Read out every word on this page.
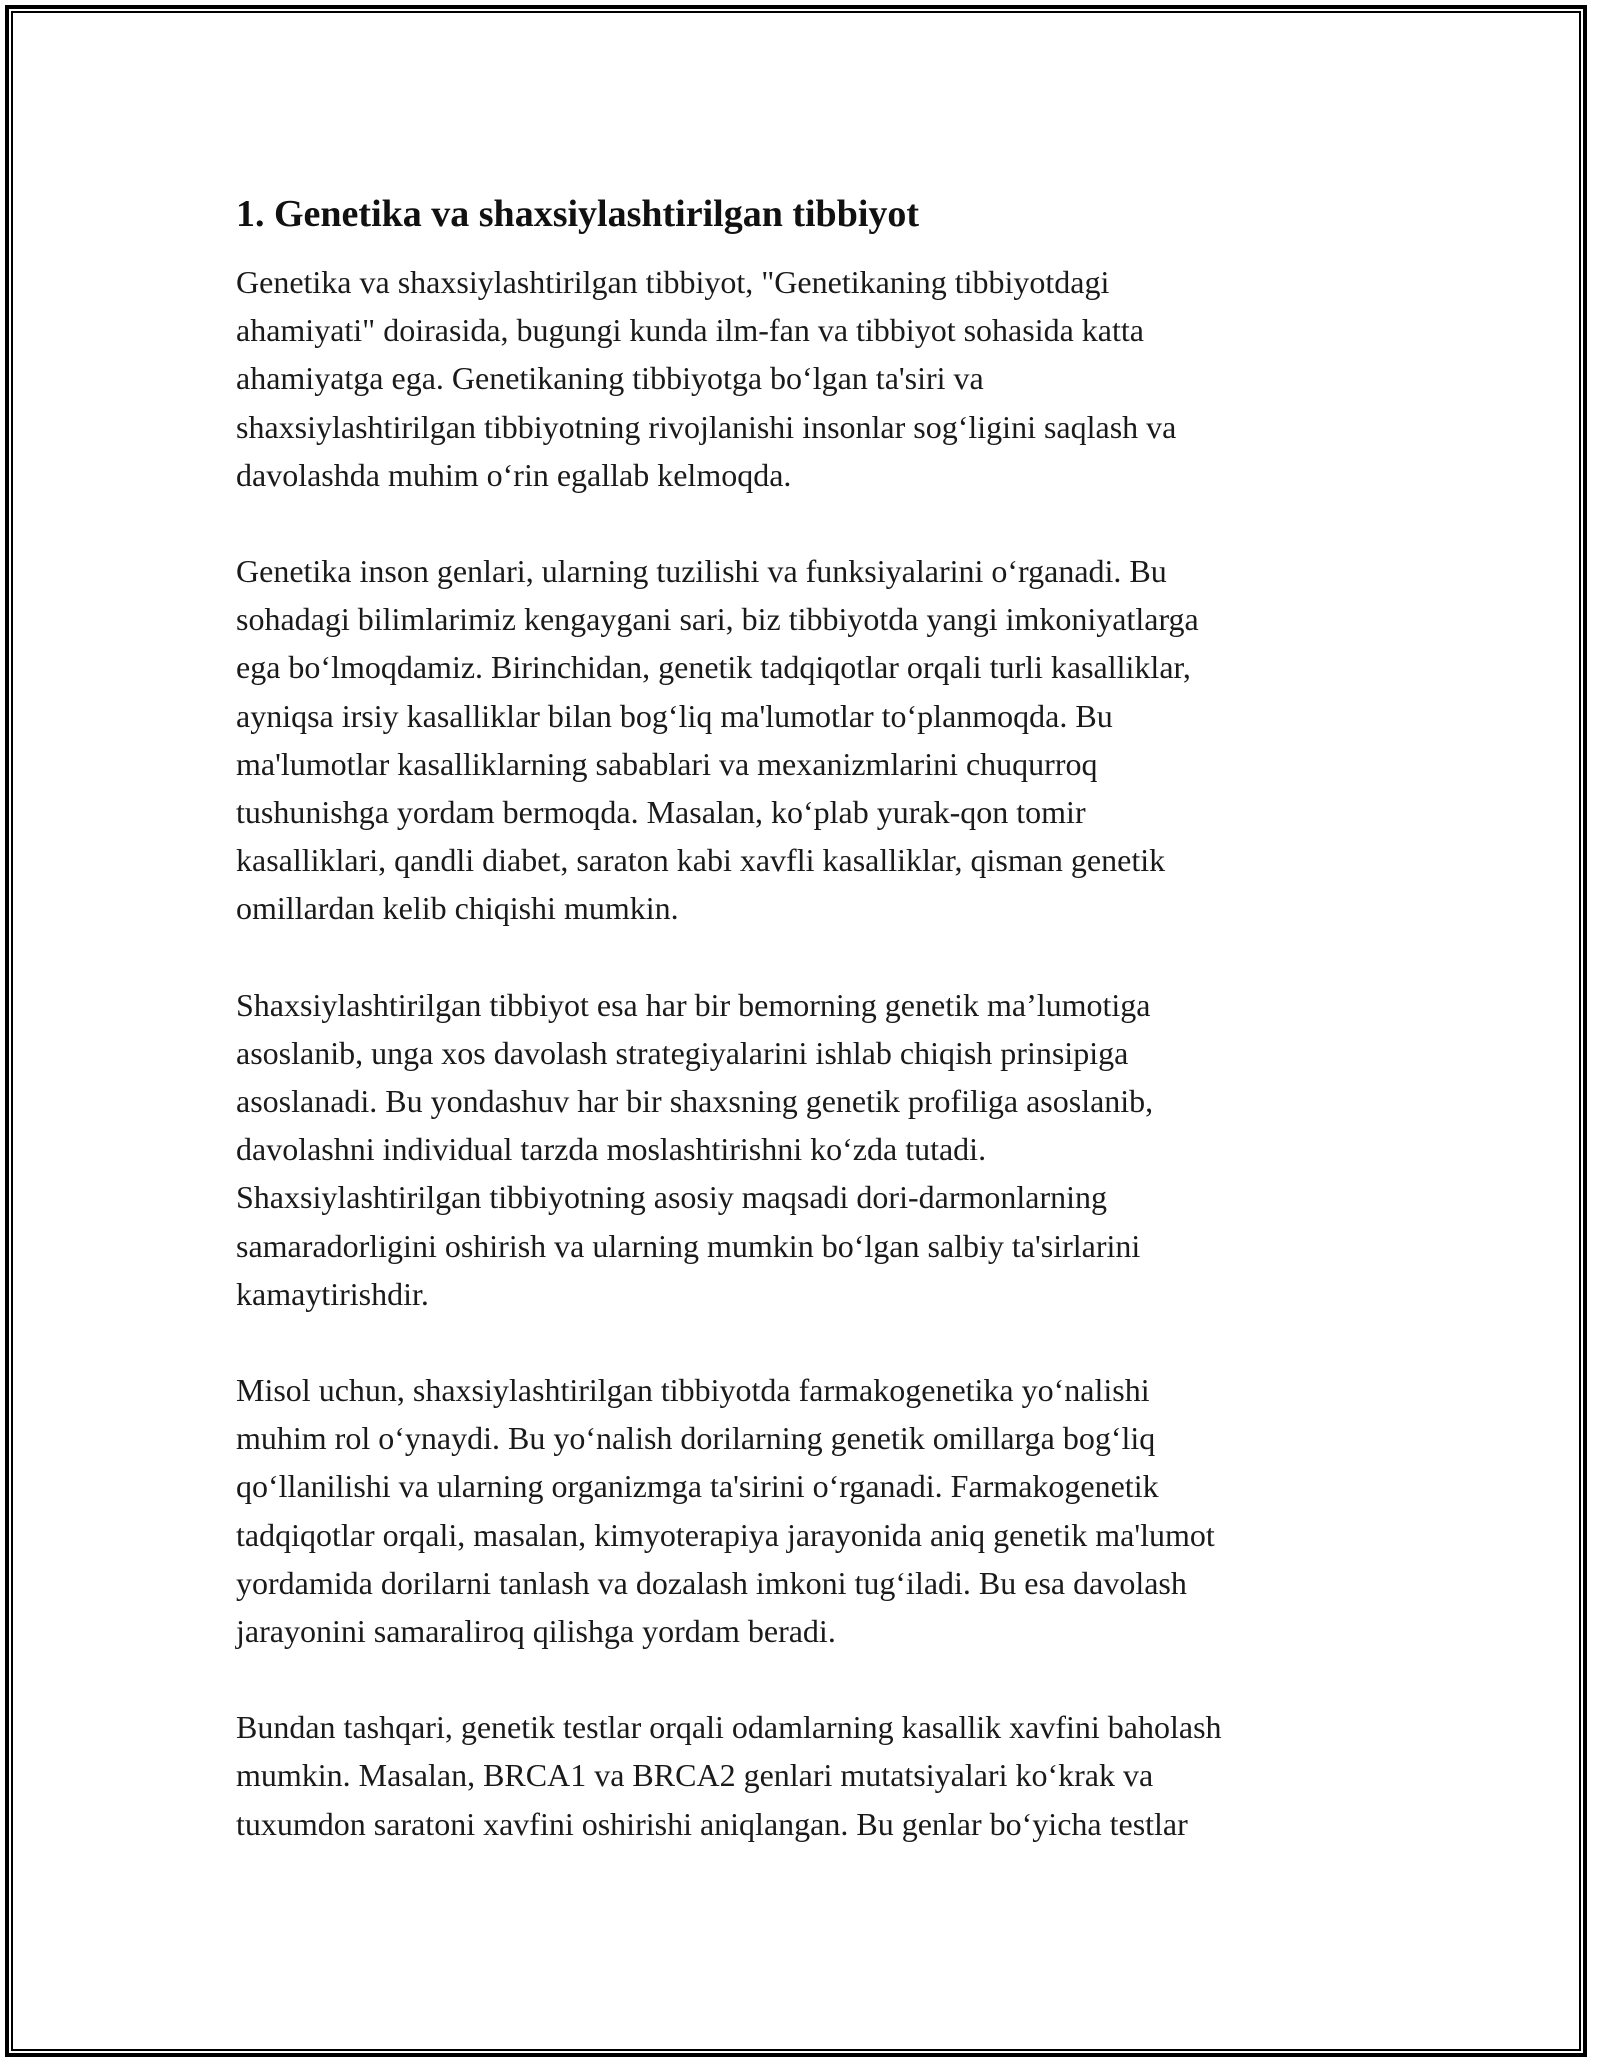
1. Genetika va shaxsiylashtirilgan tibbiyot

Genetika va shaxsiylashtirilgan tibbiyot, "Genetikaning tibbiyotdagi
ahamiyati" doirasida, bugungi kunda ilm-fan va tibbiyot sohasida katta
ahamiyatga ega. Genetikaning tibbiyotga bo‘lgan ta'siri va
shaxsiylashtirilgan tibbiyotning rivojlanishi insonlar sog‘ligini saqlash va
davolashda muhim o‘rin egallab kelmoqda.

Genetika inson genlari, ularning tuzilishi va funksiyalarini o‘rganadi. Bu
sohadagi bilimlarimiz kengaygani sari, biz tibbiyotda yangi imkoniyatlarga
ega bo‘lmoqdamiz. Birinchidan, genetik tadqiqotlar orqali turli kasalliklar,
ayniqsa irsiy kasalliklar bilan bog‘liq ma'lumotlar to‘planmoqda. Bu
ma'lumotlar kasalliklarning sabablari va mexanizmlarini chuqurroq
tushunishga yordam bermoqda. Masalan, ko‘plab yurak-qon tomir
kasalliklari, qandli diabet, saraton kabi xavfli kasalliklar, qisman genetik
omillardan kelib chiqishi mumkin.

Shaxsiylashtirilgan tibbiyot esa har bir bemorning genetik ma’lumotiga
asoslanib, unga xos davolash strategiyalarini ishlab chiqish prinsipiga
asoslanadi. Bu yondashuv har bir shaxsning genetik profiliga asoslanib,
davolashni individual tarzda moslashtirishni ko‘zda tutadi.
Shaxsiylashtirilgan tibbiyotning asosiy maqsadi dori-darmonlarning
samaradorligini oshirish va ularning mumkin bo‘lgan salbiy ta'sirlarini
kamaytirishdir.

Misol uchun, shaxsiylashtirilgan tibbiyotda farmakogenetika yo‘nalishi
muhim rol o‘ynaydi. Bu yo‘nalish dorilarning genetik omillarga bog‘liq
qo‘llanilishi va ularning organizmga ta'sirini o‘rganadi. Farmakogenetik
tadqiqotlar orqali, masalan, kimyoterapiya jarayonida aniq genetik ma'lumot
yordamida dorilarni tanlash va dozalash imkoni tug‘iladi. Bu esa davolash
jarayonini samaraliroq qilishga yordam beradi.

Bundan tashqari, genetik testlar orqali odamlarning kasallik xavfini baholash
mumkin. Masalan, BRCA1 va BRCA2 genlari mutatsiyalari ko‘krak va
tuxumdon saratoni xavfini oshirishi aniqlangan. Bu genlar bo‘yicha testlar
